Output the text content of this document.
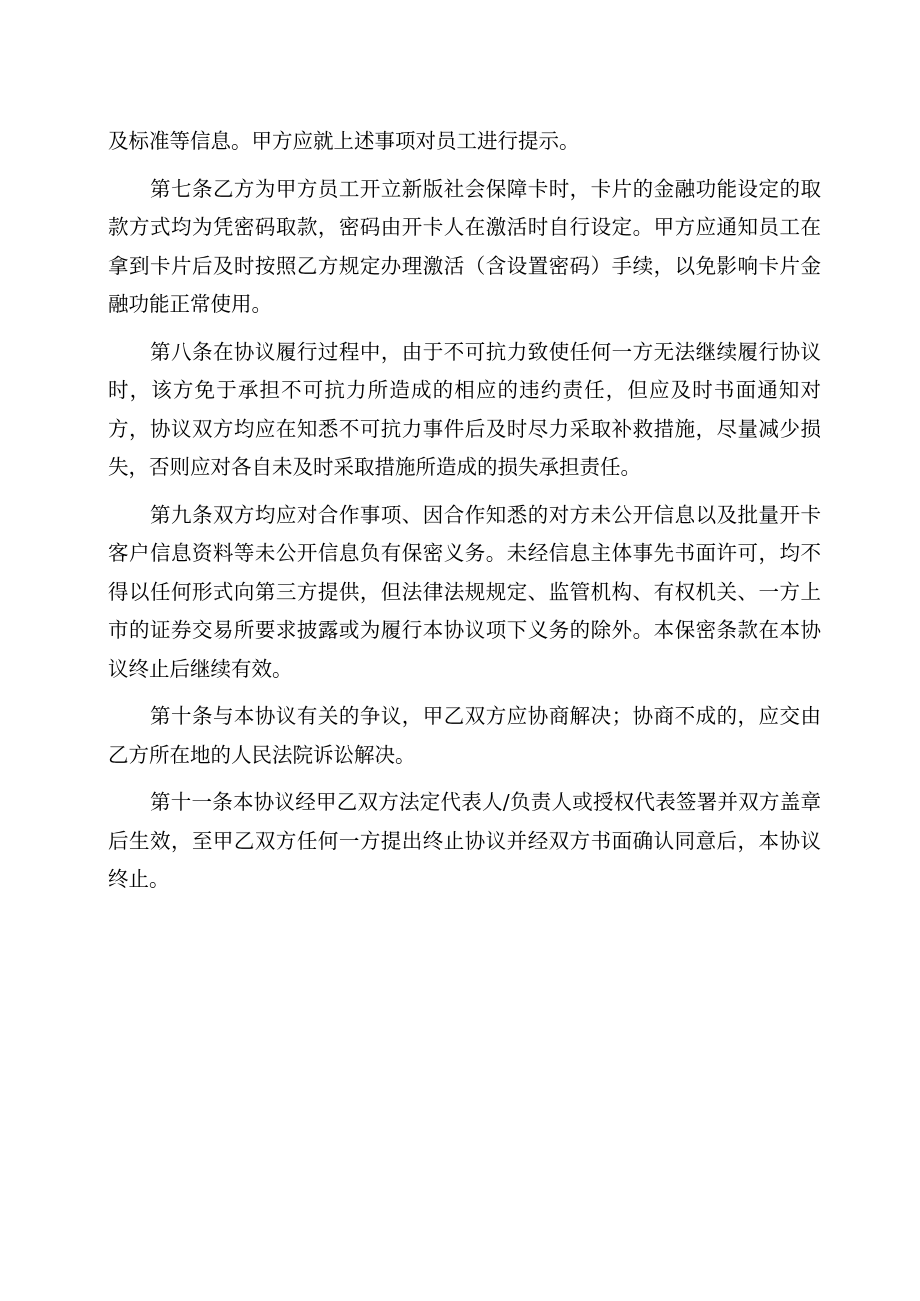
及标准等信息。甲方应就上述事项对员工进行提示。

第七条乙方为甲方员工开立新版社会保障卡时，卡片的金融功能设定的取款方式均为凭密码取款，密码由开卡人在激活时自行设定。甲方应通知员工在拿到卡片后及时按照乙方规定办理激活（含设置密码）手续，以免影响卡片金融功能正常使用。

第八条在协议履行过程中，由于不可抗力致使任何一方无法继续履行协议时，该方免于承担不可抗力所造成的相应的违约责任，但应及时书面通知对方，协议双方均应在知悉不可抗力事件后及时尽力采取补救措施，尽量减少损失，否则应对各自未及时采取措施所造成的损失承担责任。

第九条双方均应对合作事项、因合作知悉的对方未公开信息以及批量开卡客户信息资料等未公开信息负有保密义务。未经信息主体事先书面许可，均不得以任何形式向第三方提供，但法律法规规定、监管机构、有权机关、一方上市的证券交易所要求披露或为履行本协议项下义务的除外。本保密条款在本协议终止后继续有效。

第十条与本协议有关的争议，甲乙双方应协商解决；协商不成的，应交由乙方所在地的人民法院诉讼解决。

第十一条本协议经甲乙双方法定代表人/负责人或授权代表签署并双方盖章后生效，至甲乙双方任何一方提出终止协议并经双方书面确认同意后，本协议终止。
